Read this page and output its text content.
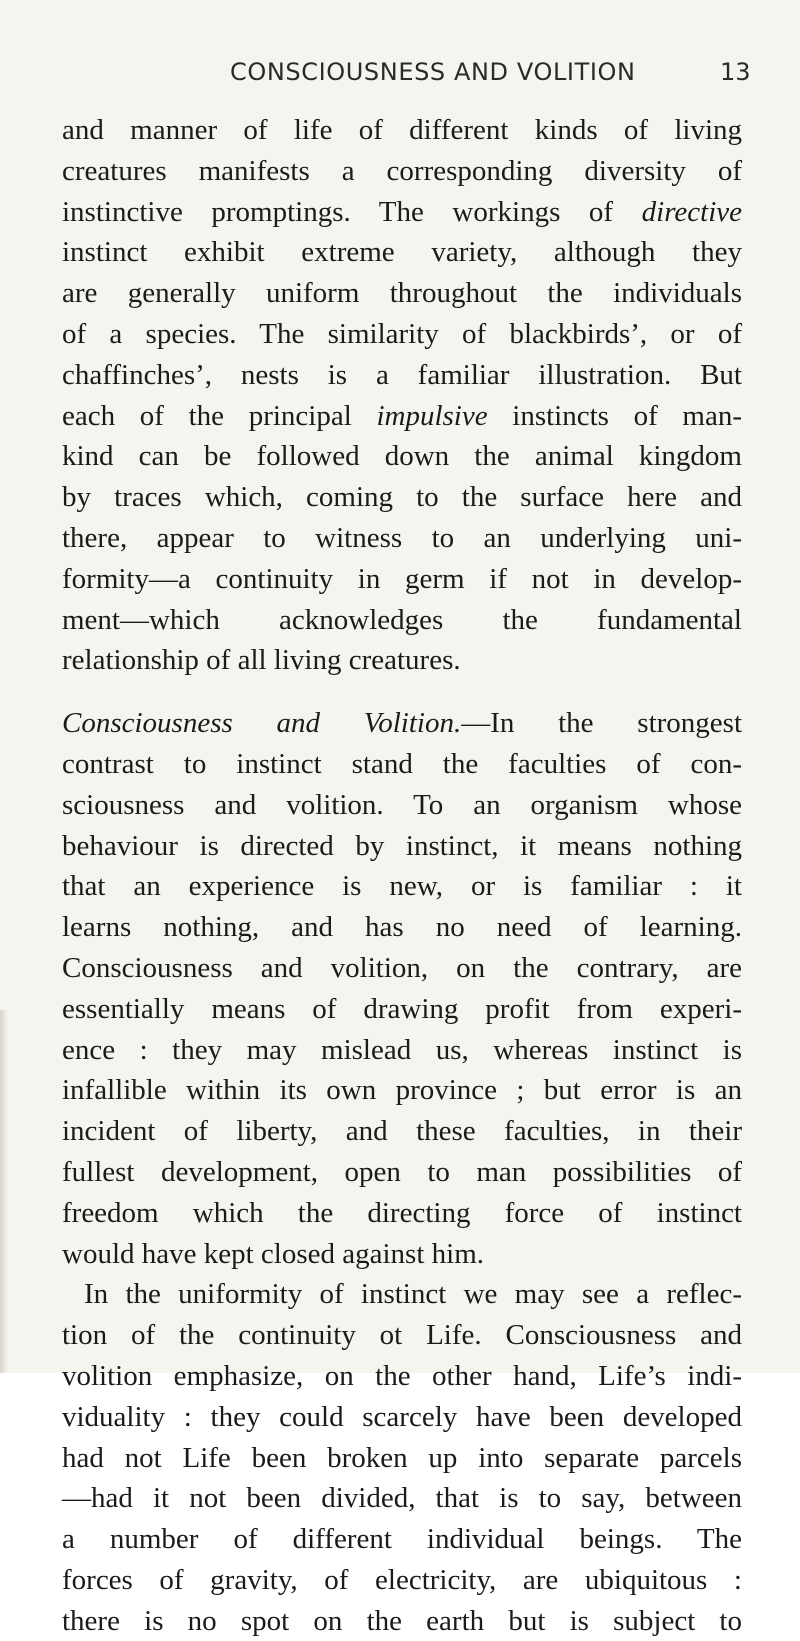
CONSCIOUSNESS AND VOLITION	13
and manner of life of different kinds of living
creatures manifests a corresponding diversity of
instinctive promptings. The workings of directive
instinct exhibit extreme variety, although they
are generally uniform throughout the individuals
of a species. The similarity of blackbirds’, or of
chaffinches’, nests is a familiar illustration. But
each of the principal impulsive instincts of man-
kind can be followed down the animal kingdom
by traces which, coming to the surface here and
there, appear to witness to an underlying uni-
formity—a continuity in germ if not in develop-
ment—which acknowledges the fundamental
relationship of all living creatures.
Consciousness and Volition.—In the strongest
contrast to instinct stand the faculties of con-
sciousness and volition. To an organism whose
behaviour is directed by instinct, it means nothing
that an experience is new, or is familiar : it
learns nothing, and has no need of learning.
Consciousness and volition, on the contrary, are
essentially means of drawing profit from experi-
ence : they may mislead us, whereas instinct is
infallible within its own province ; but error is an
incident of liberty, and these faculties, in their
fullest development, open to man possibilities of
freedom which the directing force of instinct
would have kept closed against him.
In the uniformity of instinct we may see a reflec-
tion of the continuity ot Life. Consciousness and
volition emphasize, on the other hand, Life’s indi-
viduality : they could scarcely have been developed
had not Life been broken up into separate parcels
—had it not been divided, that is to say, between
a number of different individual beings. The
forces of gravity, of electricity, are ubiquitous :
there is no spot on the earth but is subject to
